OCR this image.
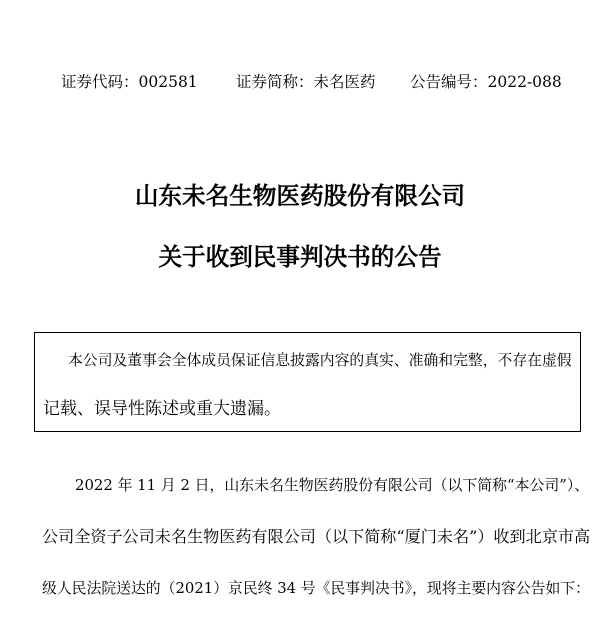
证券代码：002581 证券简称：未名医药 公告编号：2022-088
山东未名生物医药股份有限公司
关于收到民事判决书的公告
本公司及董事会全体成员保证信息披露内容的真实、准确和完整，不存在虚假
记载、误导性陈述或重大遗漏。
2022 年 11 月 2 日，山东未名生物医药股份有限公司（以下简称“本公司”）、
公司全资子公司未名生物医药有限公司（以下简称“厦门未名”）收到北京市高
级人民法院送达的（2021）京民终 34 号《民事判决书》，现将主要内容公告如下：
